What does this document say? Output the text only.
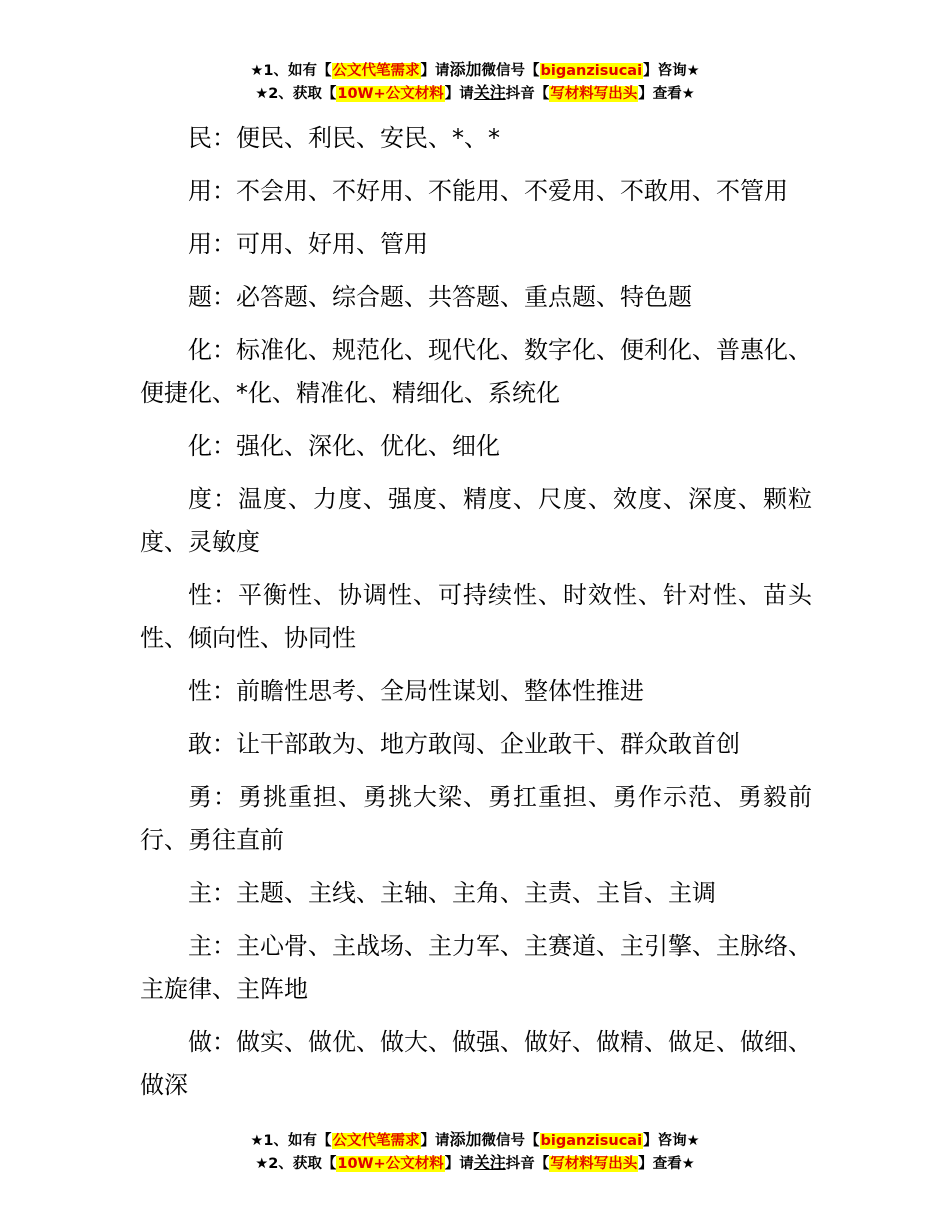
★1、如有【公文代笔需求】请添加微信号【biganzisucai】咨询★
★2、获取【10W+公文材料】请关注抖音【写材料写出头】查看★

民：便民、利民、安民、*、*

用：不会用、不好用、不能用、不爱用、不敢用、不管用

用：可用、好用、管用

题：必答题、综合题、共答题、重点题、特色题

化：标准化、规范化、现代化、数字化、便利化、普惠化、便捷化、*化、精准化、精细化、系统化

化：强化、深化、优化、细化

度：温度、力度、强度、精度、尺度、效度、深度、颗粒度、灵敏度

性：平衡性、协调性、可持续性、时效性、针对性、苗头性、倾向性、协同性

性：前瞻性思考、全局性谋划、整体性推进

敢：让干部敢为、地方敢闯、企业敢干、群众敢首创

勇：勇挑重担、勇挑大梁、勇扛重担、勇作示范、勇毅前行、勇往直前

主：主题、主线、主轴、主角、主责、主旨、主调

主：主心骨、主战场、主力军、主赛道、主引擎、主脉络、主旋律、主阵地

做：做实、做优、做大、做强、做好、做精、做足、做细、做深

★1、如有【公文代笔需求】请添加微信号【biganzisucai】咨询★
★2、获取【10W+公文材料】请关注抖音【写材料写出头】查看★
